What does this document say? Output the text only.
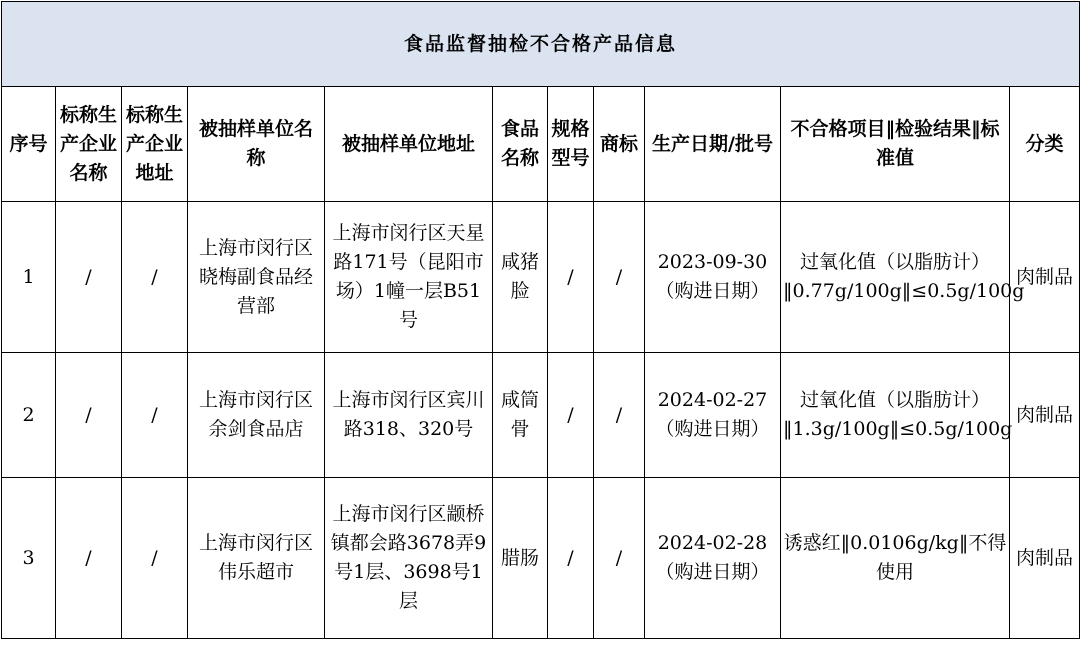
食品监督抽检不合格产品信息										
序号	标称生产企业名称	标称生产企业地址	被抽样单位名称	被抽样单位地址	食品名称	规格型号	商标	生产日期/批号	不合格项目‖检验结果‖标准值	分类
1	/	/	上海市闵行区晓梅副食品经营部	上海市闵行区天星路171号（昆阳市场）1幢一层B51号	咸猪脸	/	/	2023-09-30（购进日期）	过氧化值（以脂肪计）‖0.77g/100g‖≤0.5g/100g	肉制品
2	/	/	上海市闵行区余剑食品店	上海市闵行区宾川路318、320号	咸筒骨	/	/	2024-02-27（购进日期）	过氧化值（以脂肪计）‖1.3g/100g‖≤0.5g/100g	肉制品
3	/	/	上海市闵行区伟乐超市	上海市闵行区颛桥镇都会路3678弄9号1层、3698号1层	腊肠	/	/	2024-02-28（购进日期）	诱惑红‖0.0106g/kg‖不得使用	肉制品
